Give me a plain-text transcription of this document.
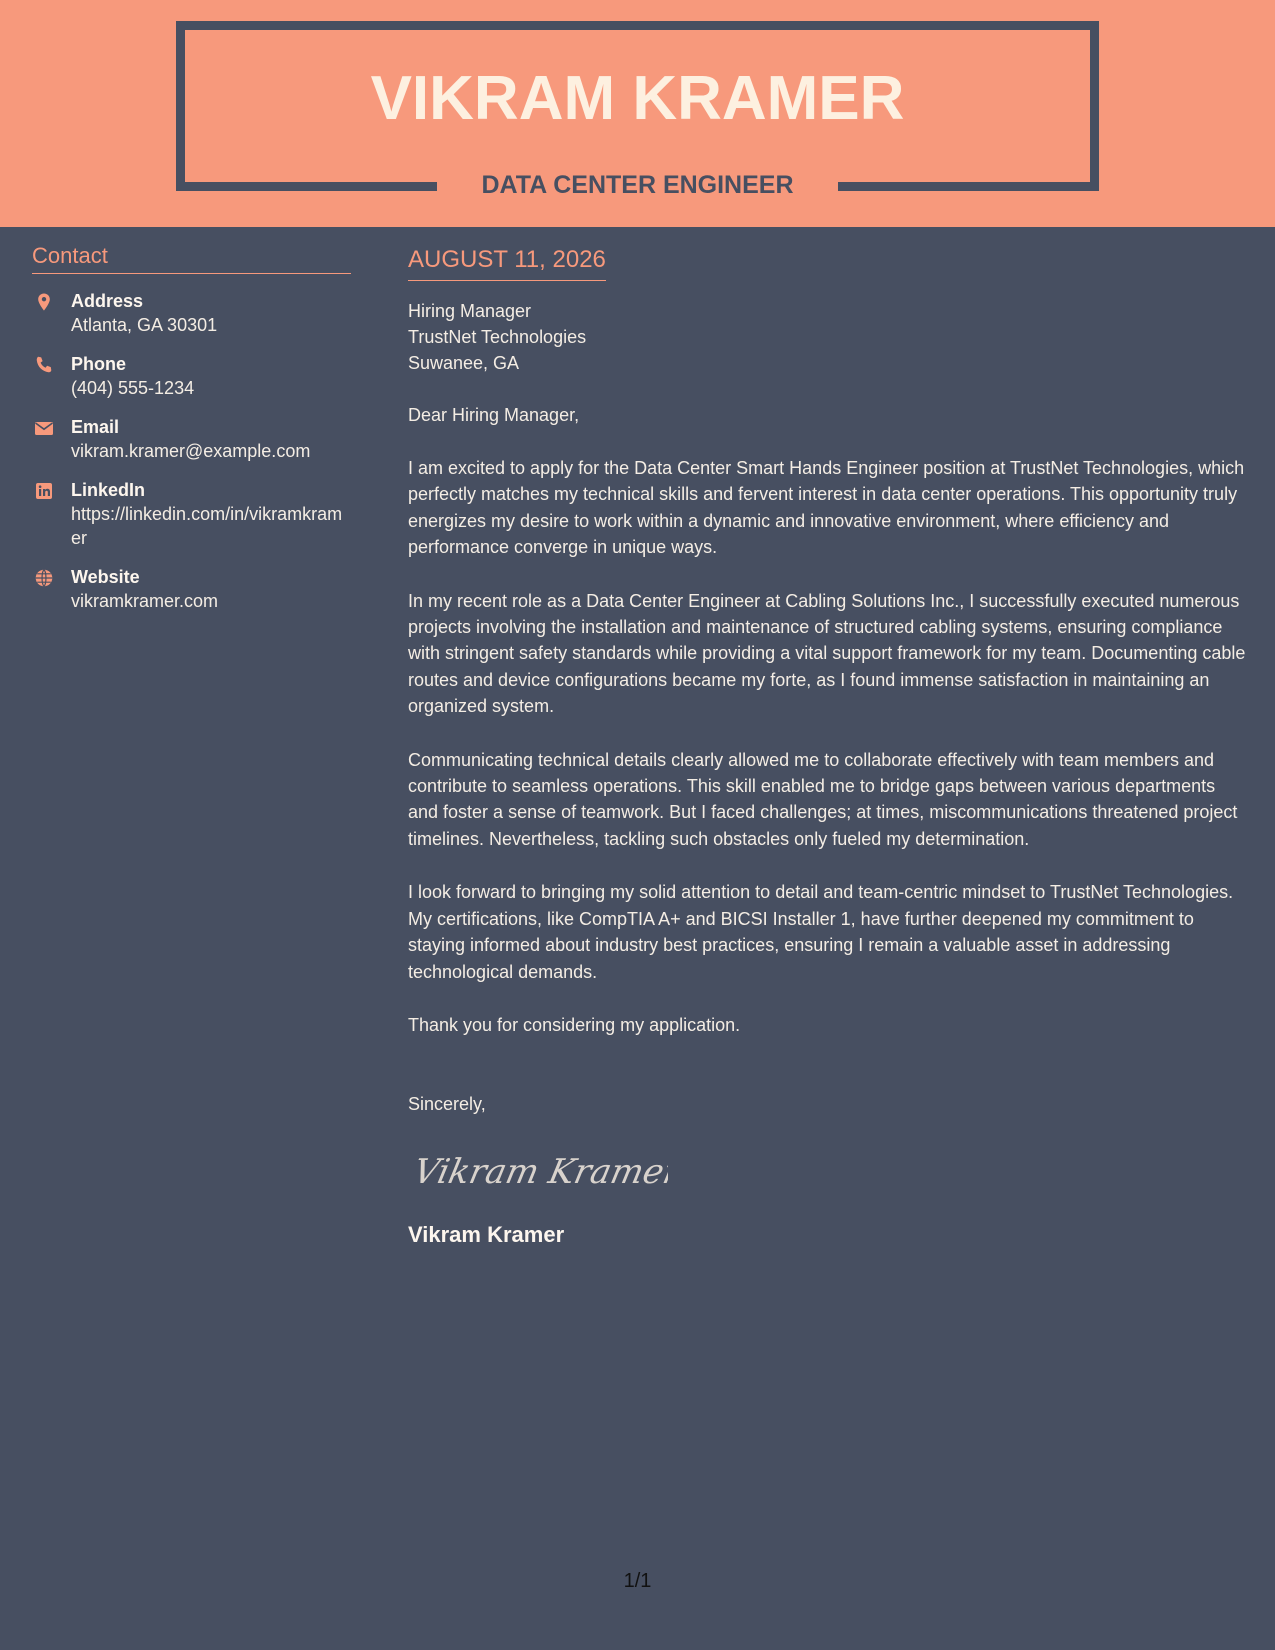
VIKRAM KRAMER
DATA CENTER ENGINEER
Contact
Address
Atlanta, GA 30301
Phone
(404) 555-1234
Email
vikram.kramer@example.com
LinkedIn
https://linkedin.com/in/vikramkramer
Website
vikramkramer.com
AUGUST 11, 2026
Hiring Manager
TrustNet Technologies
Suwanee, GA
Dear Hiring Manager,

I am excited to apply for the Data Center Smart Hands Engineer position at TrustNet Technologies, which perfectly matches my technical skills and fervent interest in data center operations. This opportunity truly energizes my desire to work within a dynamic and innovative environment, where efficiency and performance converge in unique ways.

In my recent role as a Data Center Engineer at Cabling Solutions Inc., I successfully executed numerous projects involving the installation and maintenance of structured cabling systems, ensuring compliance with stringent safety standards while providing a vital support framework for my team. Documenting cable routes and device configurations became my forte, as I found immense satisfaction in maintaining an organized system.

Communicating technical details clearly allowed me to collaborate effectively with team members and contribute to seamless operations. This skill enabled me to bridge gaps between various departments and foster a sense of teamwork. But I faced challenges; at times, miscommunications threatened project timelines. Nevertheless, tackling such obstacles only fueled my determination.

I look forward to bringing my solid attention to detail and team-centric mindset to TrustNet Technologies. My certifications, like CompTIA A+ and BICSI Installer 1, have further deepened my commitment to staying informed about industry best practices, ensuring I remain a valuable asset in addressing technological demands.

Thank you for considering my application.

Sincerely,
Vikram Kramer
Vikram Kramer
1/1
